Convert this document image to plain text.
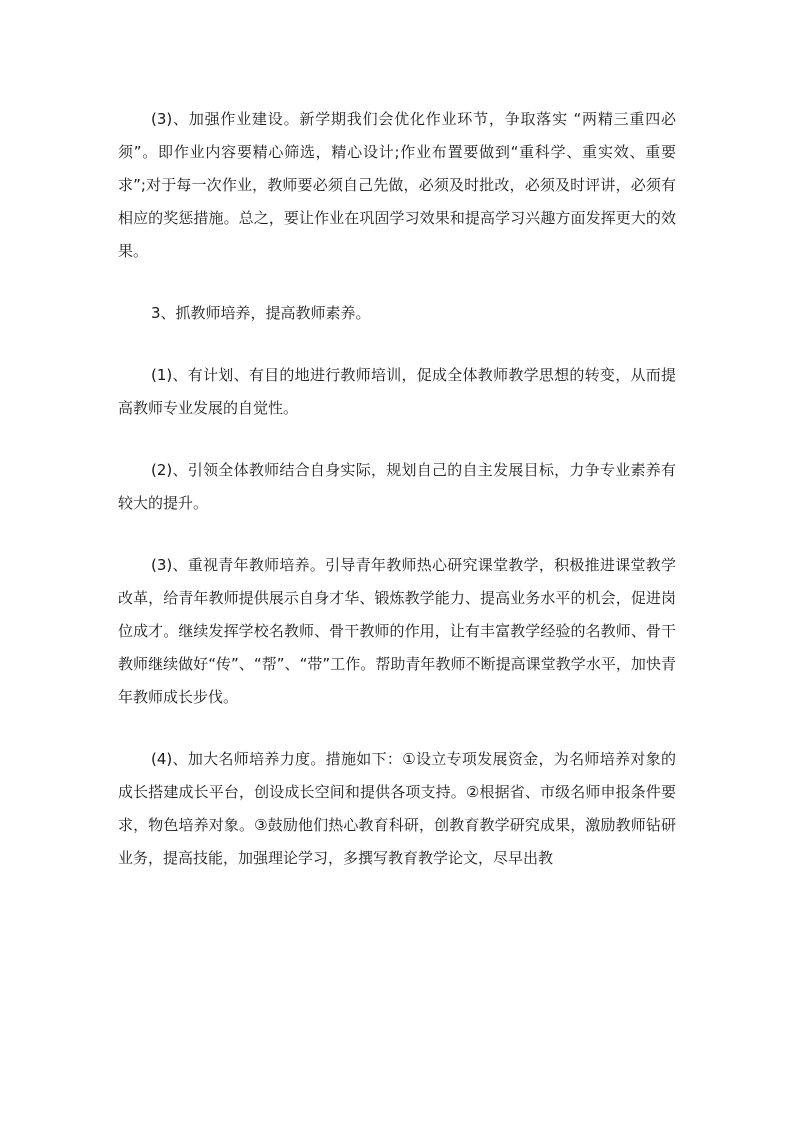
(3)、加强作业建设。新学期我们会优化作业环节，争取落实 “两精三重四必须”。即作业内容要精心筛选，精心设计;作业布置要做到“重科学、重实效、重要求”;对于每一次作业，教师要必须自己先做，必须及时批改，必须及时评讲，必须有相应的奖惩措施。总之，要让作业在巩固学习效果和提高学习兴趣方面发挥更大的效果。

3、抓教师培养，提高教师素养。

(1)、有计划、有目的地进行教师培训，促成全体教师教学思想的转变，从而提高教师专业发展的自觉性。

(2)、引领全体教师结合自身实际，规划自己的自主发展目标，力争专业素养有较大的提升。

(3)、重视青年教师培养。引导青年教师热心研究课堂教学，积极推进课堂教学改革，给青年教师提供展示自身才华、锻炼教学能力、提高业务水平的机会，促进岗位成才。继续发挥学校名教师、骨干教师的作用，让有丰富教学经验的名教师、骨干教师继续做好“传”、“帮”、“带”工作。帮助青年教师不断提高课堂教学水平，加快青年教师成长步伐。

(4)、加大名师培养力度。措施如下：①设立专项发展资金，为名师培养对象的成长搭建成长平台，创设成长空间和提供各项支持。②根据省、市级名师申报条件要求，物色培养对象。③鼓励他们热心教育科研，创教育教学研究成果，激励教师钻研业务，提高技能，加强理论学习，多撰写教育教学论文，尽早出教
